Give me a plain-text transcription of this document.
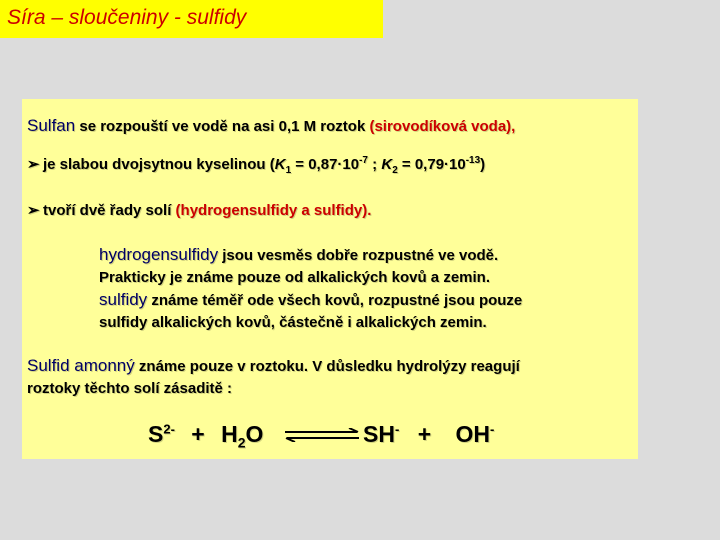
Síra – sloučeniny - sulfidy
Sulfan se rozpouští ve vodě na asi 0,1 M roztok (sirovodíková voda),
➢ je slabou dvojsytnou kyselinou ($K_1 = 0,87\cdot 10^{-7}$ ; $K_2 = 0,79\cdot 10^{-13}$)
➢ tvoří dvě řady solí (hydrogensulfidy a sulfidy).
hydrogensulfidy jsou vesměs dobře rozpustné ve vodě.
Prakticky je známe pouze od alkalických kovů a zemin.
sulfidy známe téměř ode všech kovů, rozpustné jsou pouze
sulfidy alkalických kovů, částečně i alkalických zemin.
Sulfid amonný známe pouze v roztoku. V důsledku hydrolýzy reagují
roztoky těchto solí zásaditě :
$S^{2-} + H_2O$	SH- + OH-
